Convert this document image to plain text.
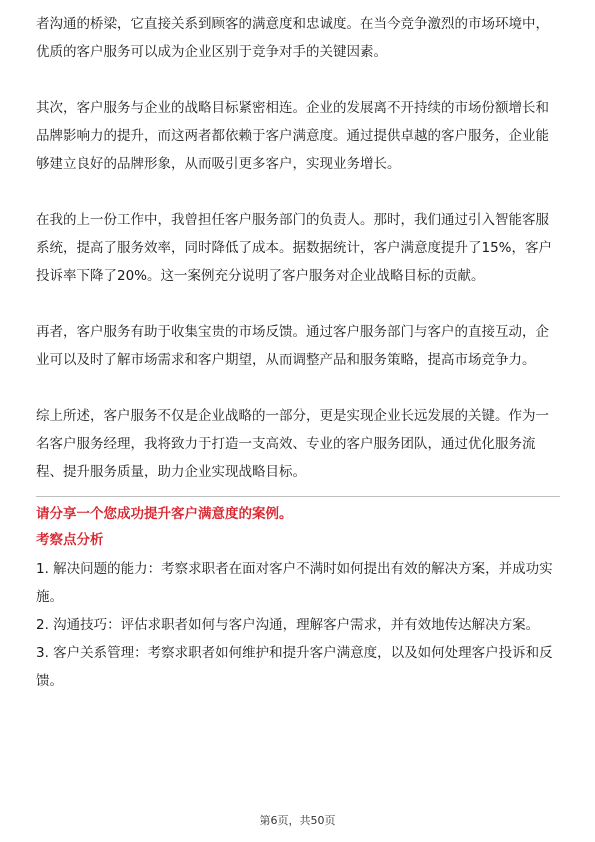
者沟通的桥梁，它直接关系到顾客的满意度和忠诚度。在当今竞争激烈的市场环境中，优质的客户服务可以成为企业区别于竞争对手的关键因素。

其次，客户服务与企业的战略目标紧密相连。企业的发展离不开持续的市场份额增长和品牌影响力的提升，而这两者都依赖于客户满意度。通过提供卓越的客户服务，企业能够建立良好的品牌形象，从而吸引更多客户，实现业务增长。

在我的上一份工作中，我曾担任客户服务部门的负责人。那时，我们通过引入智能客服系统，提高了服务效率，同时降低了成本。据数据统计，客户满意度提升了15%，客户投诉率下降了20%。这一案例充分说明了客户服务对企业战略目标的贡献。

再者，客户服务有助于收集宝贵的市场反馈。通过客户服务部门与客户的直接互动，企业可以及时了解市场需求和客户期望，从而调整产品和服务策略，提高市场竞争力。

综上所述，客户服务不仅是企业战略的一部分，更是实现企业长远发展的关键。作为一名客户服务经理，我将致力于打造一支高效、专业的客户服务团队，通过优化服务流程、提升服务质量，助力企业实现战略目标。

请分享一个您成功提升客户满意度的案例。

考察点分析

1. 解决问题的能力：考察求职者在面对客户不满时如何提出有效的解决方案，并成功实施。
2. 沟通技巧：评估求职者如何与客户沟通，理解客户需求，并有效地传达解决方案。
3. 客户关系管理：考察求职者如何维护和提升客户满意度，以及如何处理客户投诉和反馈。
第6页，共50页
